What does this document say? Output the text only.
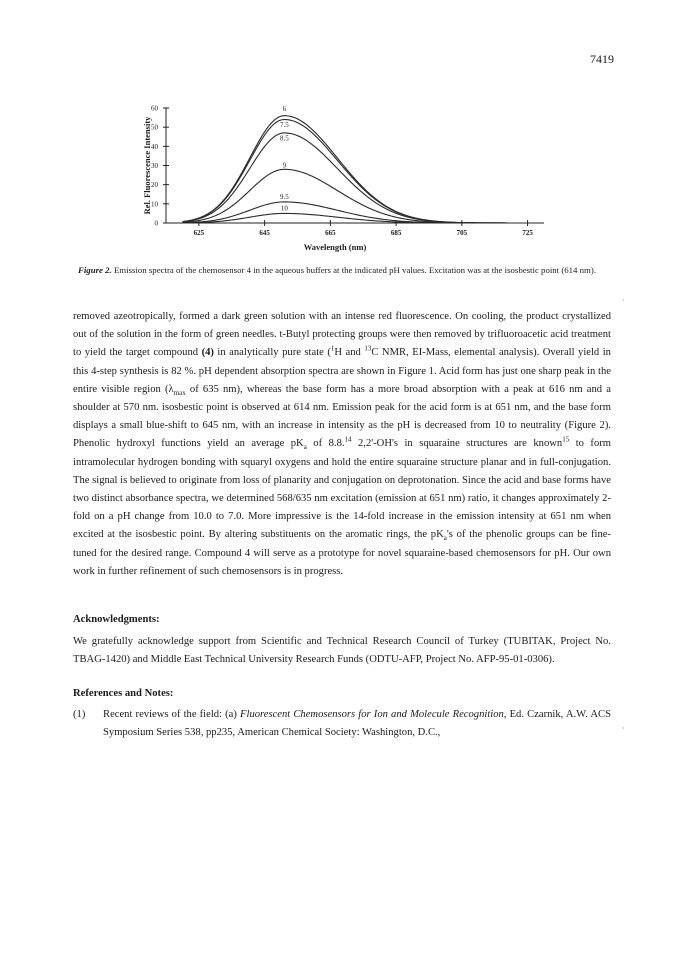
7419
0
10
20
30
40
50
60
625	645	665	685	705	725
Wavelength (nm)
Rel. Fluorescence Intensity
6
7.5
8.5
9
9.5
10
Figure 2. Emission spectra of the chemosensor 4 in the aqueous buffers at the indicated pH values. Excitation was at the isosbestic point (614 nm).

removed azeotropically, formed a dark green solution with an intense red fluorescence. On cooling, the product crystallized out of the solution in the form of green needles. t-Butyl protecting groups were then removed by trifluoroacetic acid treatment to yield the target compound (4) in analytically pure state ($^1$H and $^{13}$C NMR, EI-Mass, elemental analysis). Overall yield in this 4-step synthesis is 82 %. pH dependent absorption spectra are shown in Figure 1. Acid form has just one sharp peak in the entire visible region ($\lambda_{max}$ of 635 nm), whereas the base form has a more broad absorption with a peak at 616 nm and a shoulder at 570 nm. isosbestic point is observed at 614 nm. Emission peak for the acid form is at 651 nm, and the base form displays a small blue-shift to 645 nm, with an increase in intensity as the pH is decreased from 10 to neutrality (Figure 2). Phenolic hydroxyl functions yield an average $pK_a$ of 8.8.14 2,2'-OH's in squaraine structures are known$^{15}$ to form intramolecular hydrogen bonding with squaryl oxygens and hold the entire squaraine structure planar and in full-conjugation. The signal is believed to originate from loss of planarity and conjugation on deprotonation. Since the acid and base forms have two distinct absorbance spectra, we determined 568/635 nm excitation (emission at 651 nm) ratio, it changes approximately 2-fold on a pH change from 10.0 to 7.0. More impressive is the 14-fold increase in the emission intensity at 651 nm when excited at the isosbestic point. By altering substituents on the aromatic rings, the $pK_a's$ of the phenolic groups can be fine-tuned for the desired range. Compound 4 will serve as a prototype for novel squaraine-based chemosensors for pH. Our own work in further refinement of such chemosensors is in progress.

Acknowledgments:

We gratefully acknowledge support from Scientific and Technical Research Council of Turkey (TUBITAK, Project No. TBAG-1420) and Middle East Technical University Research Funds (ODTU-AFP, Project No. AFP-95-01-0306).

References and Notes:

(1) Recent reviews of the field: (a) Fluorescent Chemosensors for Ion and Molecule Recognition, Ed. Czarnik, A.W. ACS Symposium Series 538, pp235, American Chemical Society: Washington, D.C.,
·
·
